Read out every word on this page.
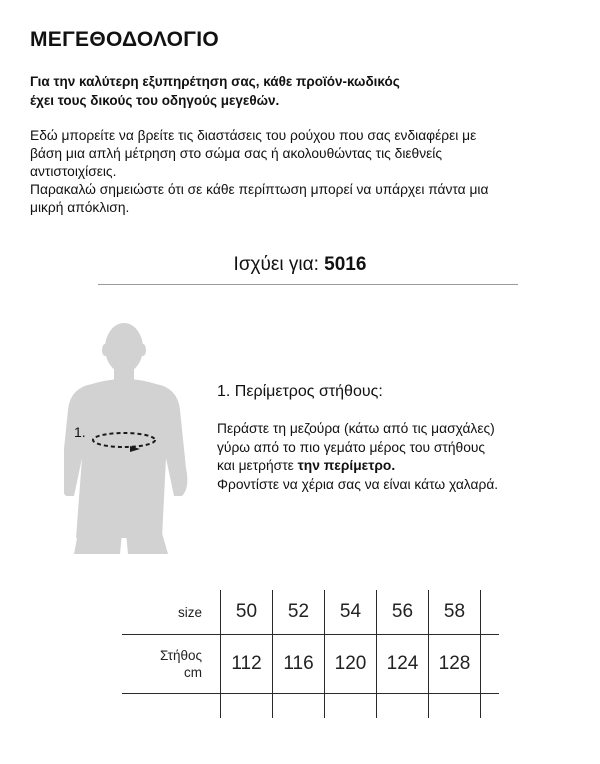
ΜΕΓΕΘΟΔΟΛΟΓΙΟ
Για την καλύτερη εξυπηρέτηση σας, κάθε προϊόν-κωδικός
έχει τους δικούς του οδηγούς μεγεθών.
Εδώ μπορείτε να βρείτε τις διαστάσεις του ρούχου που σας ενδιαφέρει με
βάση μια απλή μέτρηση στο σώμα σας ή ακολουθώντας τις διεθνείς
αντιστοιχίσεις.
Παρακαλώ σημειώστε ότι σε κάθε περίπτωση μπορεί να υπάρχει πάντα μια
μικρή απόκλιση.
Ισχύει για: 5016
1.
1. Περίμετρος στήθους:
Περάστε τη μεζούρα (κάτω από τις μασχάλες)
γύρω από το πιο γεμάτο μέρος του στήθους
και μετρήστε την περίμετρο.
Φροντίστε να χέρια σας να είναι κάτω χαλαρά.
size	50	52	54	56	58	

Στήθος
cm	112	116	120	124	128	
